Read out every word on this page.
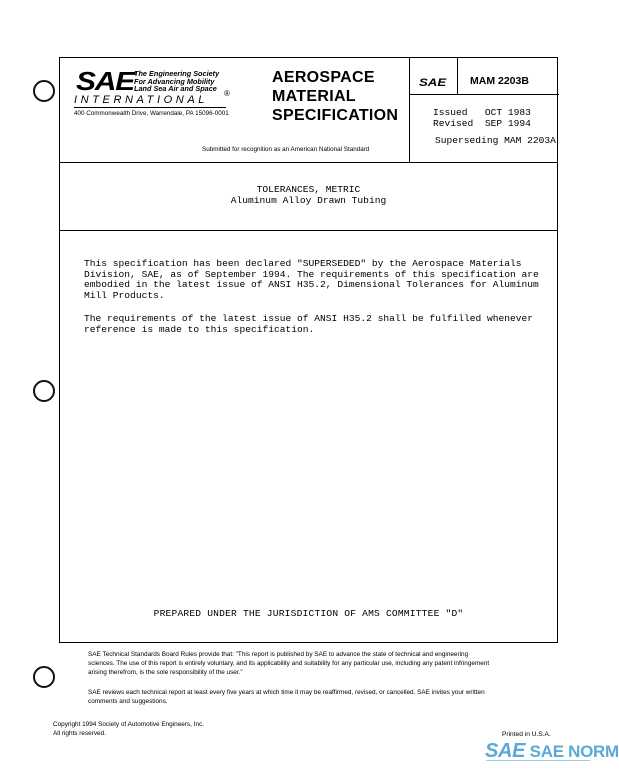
SAE The Engineering Society
For Advancing Mobility
Land Sea Air and Space
INTERNATIONAL
®
400 Commonwealth Drive, Warrendale, PA 15096-0001
AEROSPACE
MATERIAL
SPECIFICATION
Submitted for recognition as an American National Standard
SAE MAM 2203B
Issued OCT 1983
Revised SEP 1994
Superseding MAM 2203A
TOLERANCES, METRIC
Aluminum Alloy Drawn Tubing
This specification has been declared "SUPERSEDED" by the Aerospace Materials
Division, SAE, as of September 1994. The requirements of this specification are
embodied in the latest issue of ANSI H35.2, Dimensional Tolerances for Aluminum
Mill Products.
The requirements of the latest issue of ANSI H35.2 shall be fulfilled whenever
reference is made to this specification.
PREPARED UNDER THE JURISDICTION OF AMS COMMITTEE "D"
SAE Technical Standards Board Rules provide that: "This report is published by SAE to advance the state of technical and engineering
sciences. The use of this report is entirely voluntary, and its applicability and suitability for any particular use, including any patent infringement
arising therefrom, is the sole responsibility of the user."
SAE reviews each technical report at least every five years at which time it may be reaffirmed, revised, or cancelled. SAE invites your written
comments and suggestions.
Copyright 1994 Society of Automotive Engineers, Inc.
All rights reserved.	Printed in U.S.A.
SAE SAE NORM
